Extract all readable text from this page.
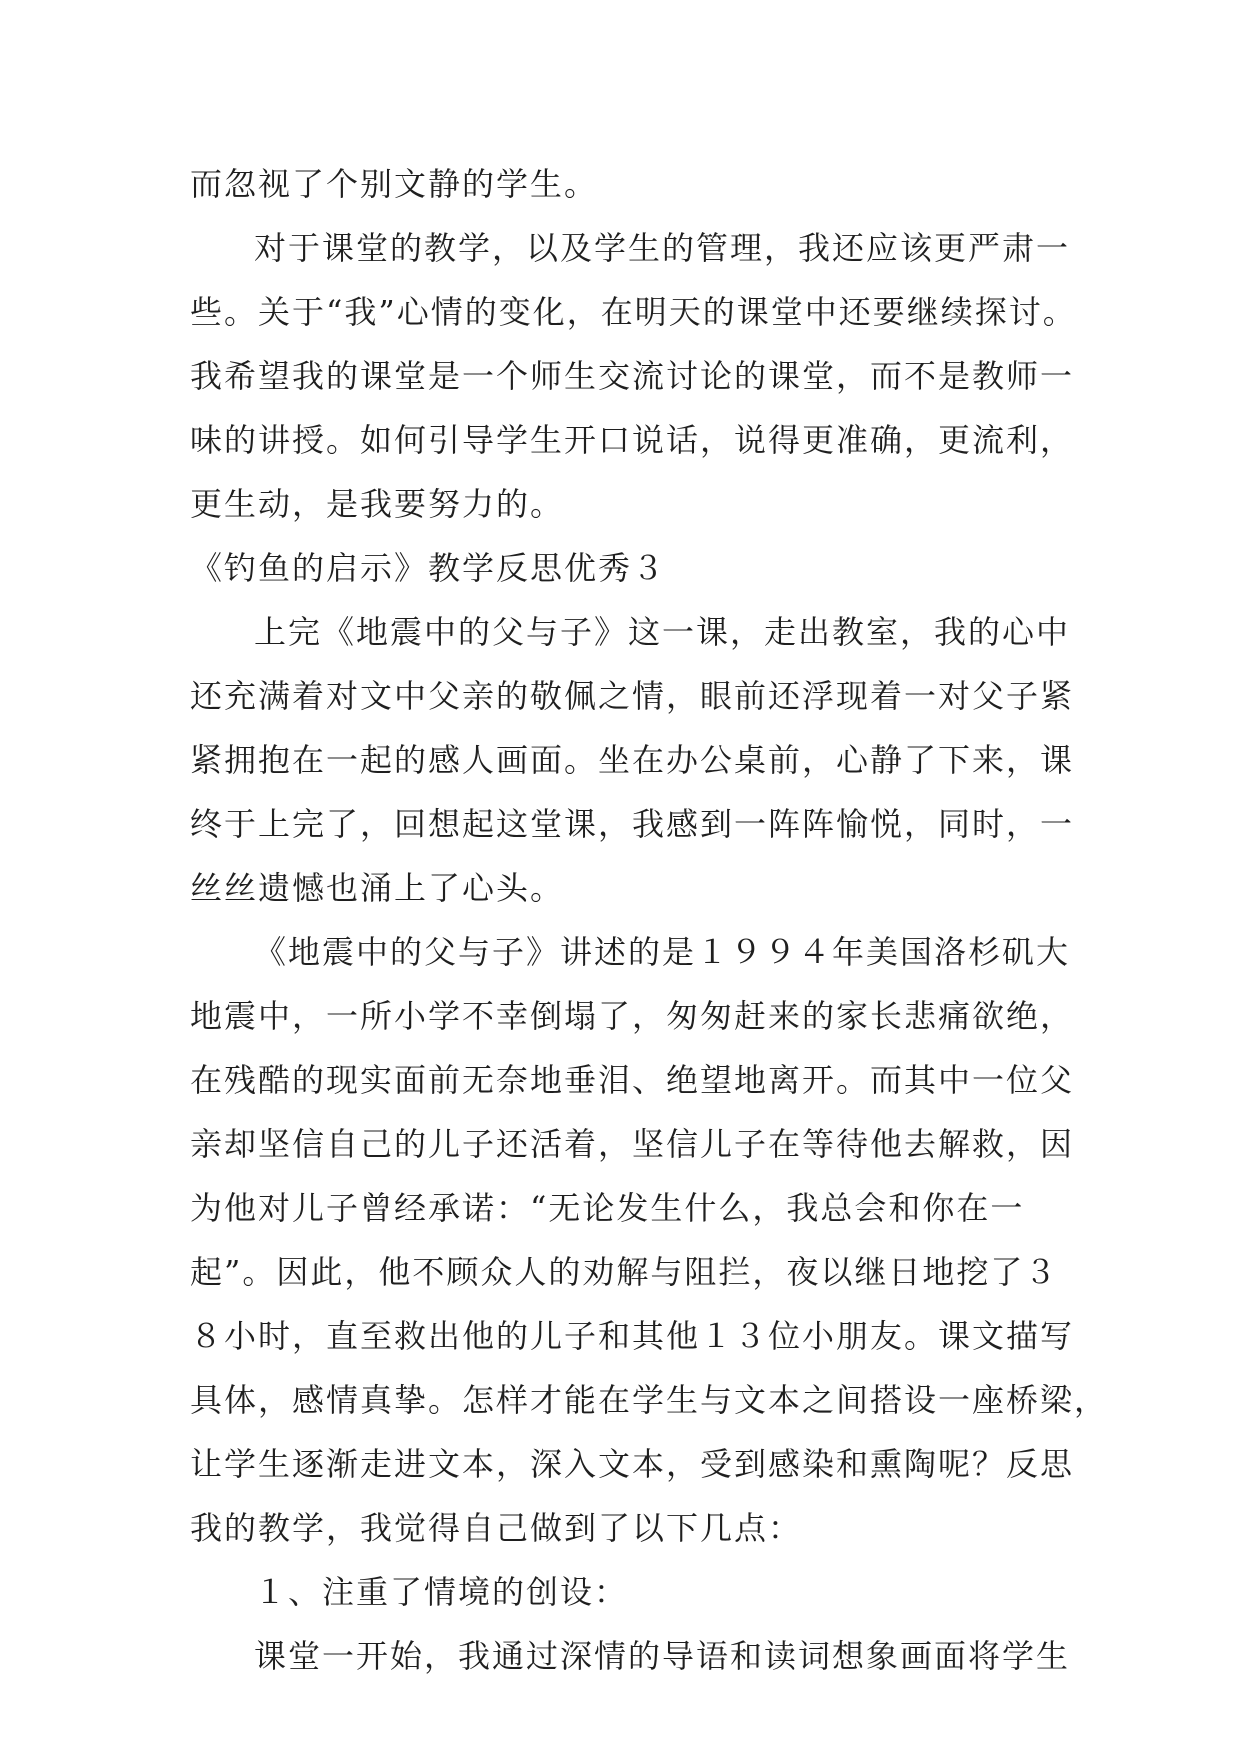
而忽视了个别文静的学生。
对于课堂的教学，以及学生的管理，我还应该更严肃一
些。关于“我”心情的变化，在明天的课堂中还要继续探讨。
我希望我的课堂是一个师生交流讨论的课堂，而不是教师一
味的讲授。如何引导学生开口说话，说得更准确，更流利，
更生动，是我要努力的。
《钓鱼的启示》教学反思优秀３
上完《地震中的父与子》这一课，走出教室，我的心中
还充满着对文中父亲的敬佩之情，眼前还浮现着一对父子紧
紧拥抱在一起的感人画面。坐在办公桌前，心静了下来，课
终于上完了，回想起这堂课，我感到一阵阵愉悦，同时，一
丝丝遗憾也涌上了心头。
《地震中的父与子》讲述的是１９９４年美国洛杉矶大
地震中，一所小学不幸倒塌了，匆匆赶来的家长悲痛欲绝，
在残酷的现实面前无奈地垂泪、绝望地离开。而其中一位父
亲却坚信自己的儿子还活着，坚信儿子在等待他去解救，因
为他对儿子曾经承诺：“无论发生什么，我总会和你在一
起”。因此，他不顾众人的劝解与阻拦，夜以继日地挖了３
８小时，直至救出他的儿子和其他１３位小朋友。课文描写
具体，感情真挚。怎样才能在学生与文本之间搭设一座桥梁，
让学生逐渐走进文本，深入文本，受到感染和熏陶呢？反思
我的教学，我觉得自己做到了以下几点：
１、注重了情境的创设：
课堂一开始，我通过深情的导语和读词想象画面将学生
